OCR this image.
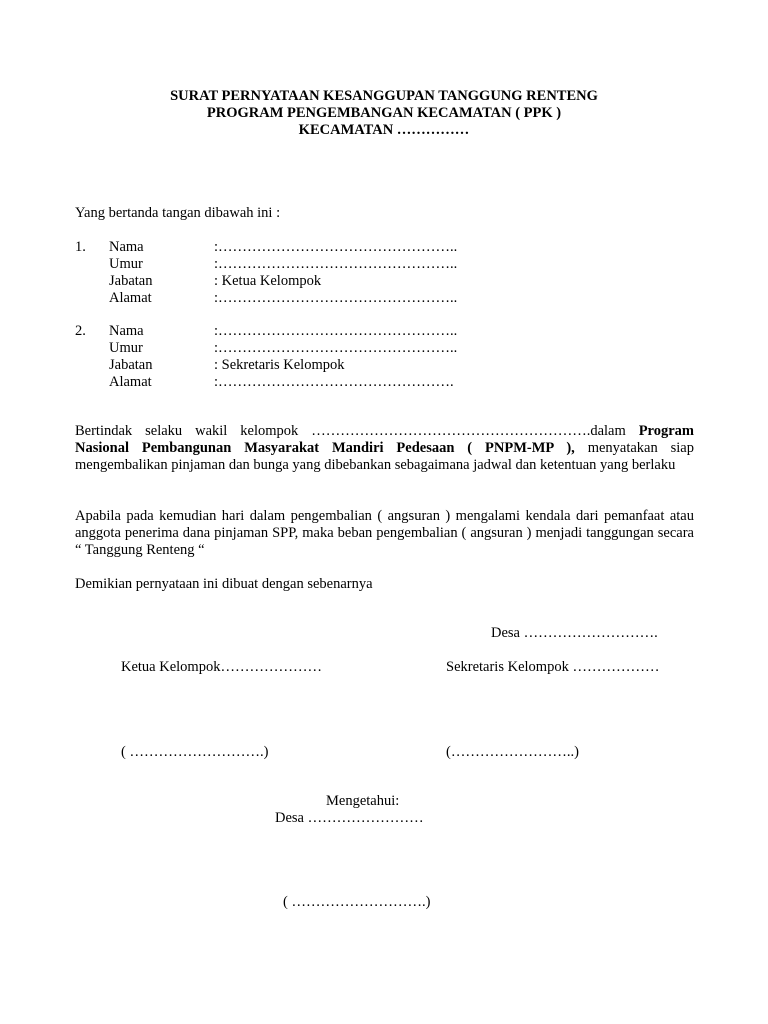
SURAT PERNYATAAN KESANGGUPAN TANGGUNG RENTENG
PROGRAM PENGEMBANGAN KECAMATAN ( PPK )
KECAMATAN ……………
Yang bertanda tangan dibawah ini :
1. Nama	:…………………………………………..
Umur	:…………………………………………..
Jabatan	: Ketua Kelompok
Alamat	:…………………………………………..
2. Nama	:…………………………………………..
Umur	:…………………………………………..
Jabatan	: Sekretaris Kelompok
Alamat	:………………………………………….
Bertindak selaku wakil kelompok ………………………………………………….dalam Program Nasional Pembangunan Masyarakat Mandiri Pedesaan ( PNPM-MP ), menyatakan siap mengembalikan pinjaman dan bunga yang dibebankan sebagaimana jadwal dan ketentuan yang berlaku
Apabila pada kemudian hari dalam pengembalian ( angsuran ) mengalami kendala dari pemanfaat atau anggota penerima dana pinjaman SPP, maka beban pengembalian ( angsuran ) menjadi tanggungan secara “ Tanggung Renteng “
Demikian pernyataan ini dibuat dengan sebenarnya
Desa ……………………….
Ketua Kelompok…………………	Sekretaris Kelompok ………………
( ……………………….)	(……………………..)
Mengetahui:
Desa ……………………
( ……………………….)
